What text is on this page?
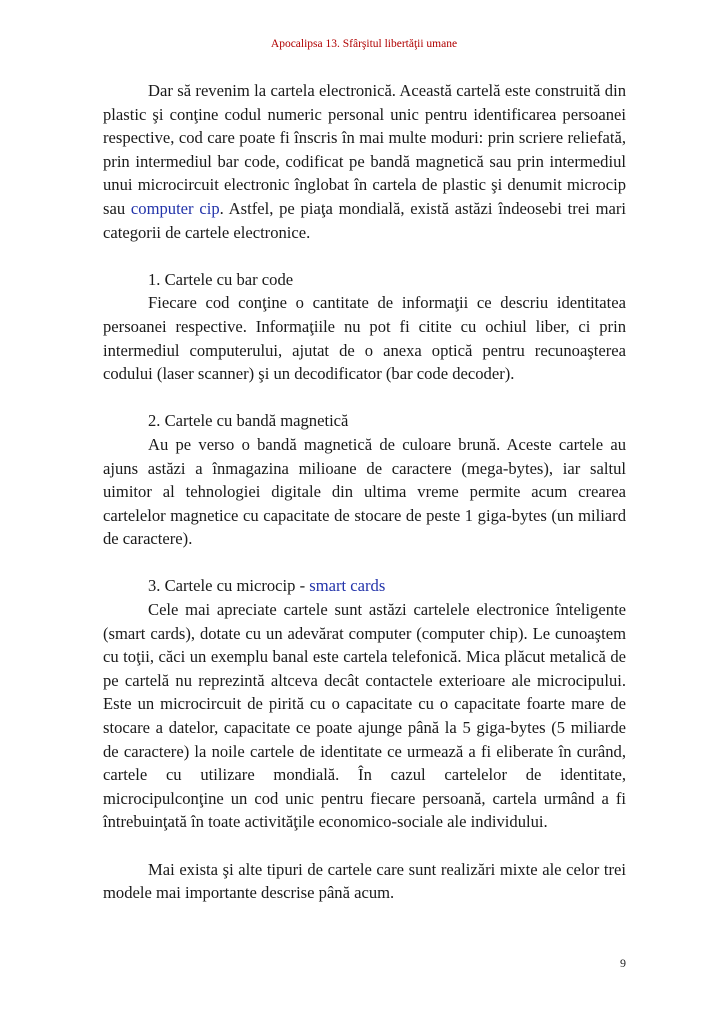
Apocalipsa 13. Sfârşitul libertăţii umane

Dar să revenim la cartela electronică. Această cartelă este construită din plastic şi conţine codul numeric personal unic pentru identificarea persoanei respective, cod care poate fi înscris în mai multe moduri: prin scriere reliefată, prin intermediul bar code, codificat pe bandă magnetică sau prin intermediul unui microcircuit electronic înglobat în cartela de plastic şi denumit microcip sau computer cip. Astfel, pe piaţa mondială, există astăzi îndeosebi trei mari categorii de cartele electronice.

1. Cartele cu bar code

Fiecare cod conţine o cantitate de informaţii ce descriu identitatea persoanei respective. Informaţiile nu pot fi citite cu ochiul liber, ci prin intermediul computerului, ajutat de o anexa optică pentru recunoaşterea codului (laser scanner) şi un decodificator (bar code decoder).

2. Cartele cu bandă magnetică

Au pe verso o bandă magnetică de culoare brună. Aceste cartele au ajuns astăzi a înmagazina milioane de caractere (mega-bytes), iar saltul uimitor al tehnologiei digitale din ultima vreme permite acum crearea cartelelor magnetice cu capacitate de stocare de peste 1 giga-bytes (un miliard de caractere).

3. Cartele cu microcip - smart cards

Cele mai apreciate cartele sunt astăzi cartelele electronice înteligente (smart cards), dotate cu un adevărat computer (computer chip). Le cunoaştem cu toţii, căci un exemplu banal este cartela telefonică. Mica plăcut metalică de pe cartelă nu reprezintă altceva decât contactele exterioare ale microcipului. Este un microcircuit de pirită cu o capacitate cu o capacitate foarte mare de stocare a datelor, capacitate ce poate ajunge până la 5 giga-bytes (5 miliarde de caractere) la noile cartele de identitate ce urmează a fi eliberate în curând, cartele cu utilizare mondială. În cazul cartelelor de identitate, microcipulconţine un cod unic pentru fiecare persoană, cartela urmând a fi întrebuinţată în toate activităţile economico-sociale ale individului.

Mai exista şi alte tipuri de cartele care sunt realizări mixte ale celor trei modele mai importante descrise până acum.

9
